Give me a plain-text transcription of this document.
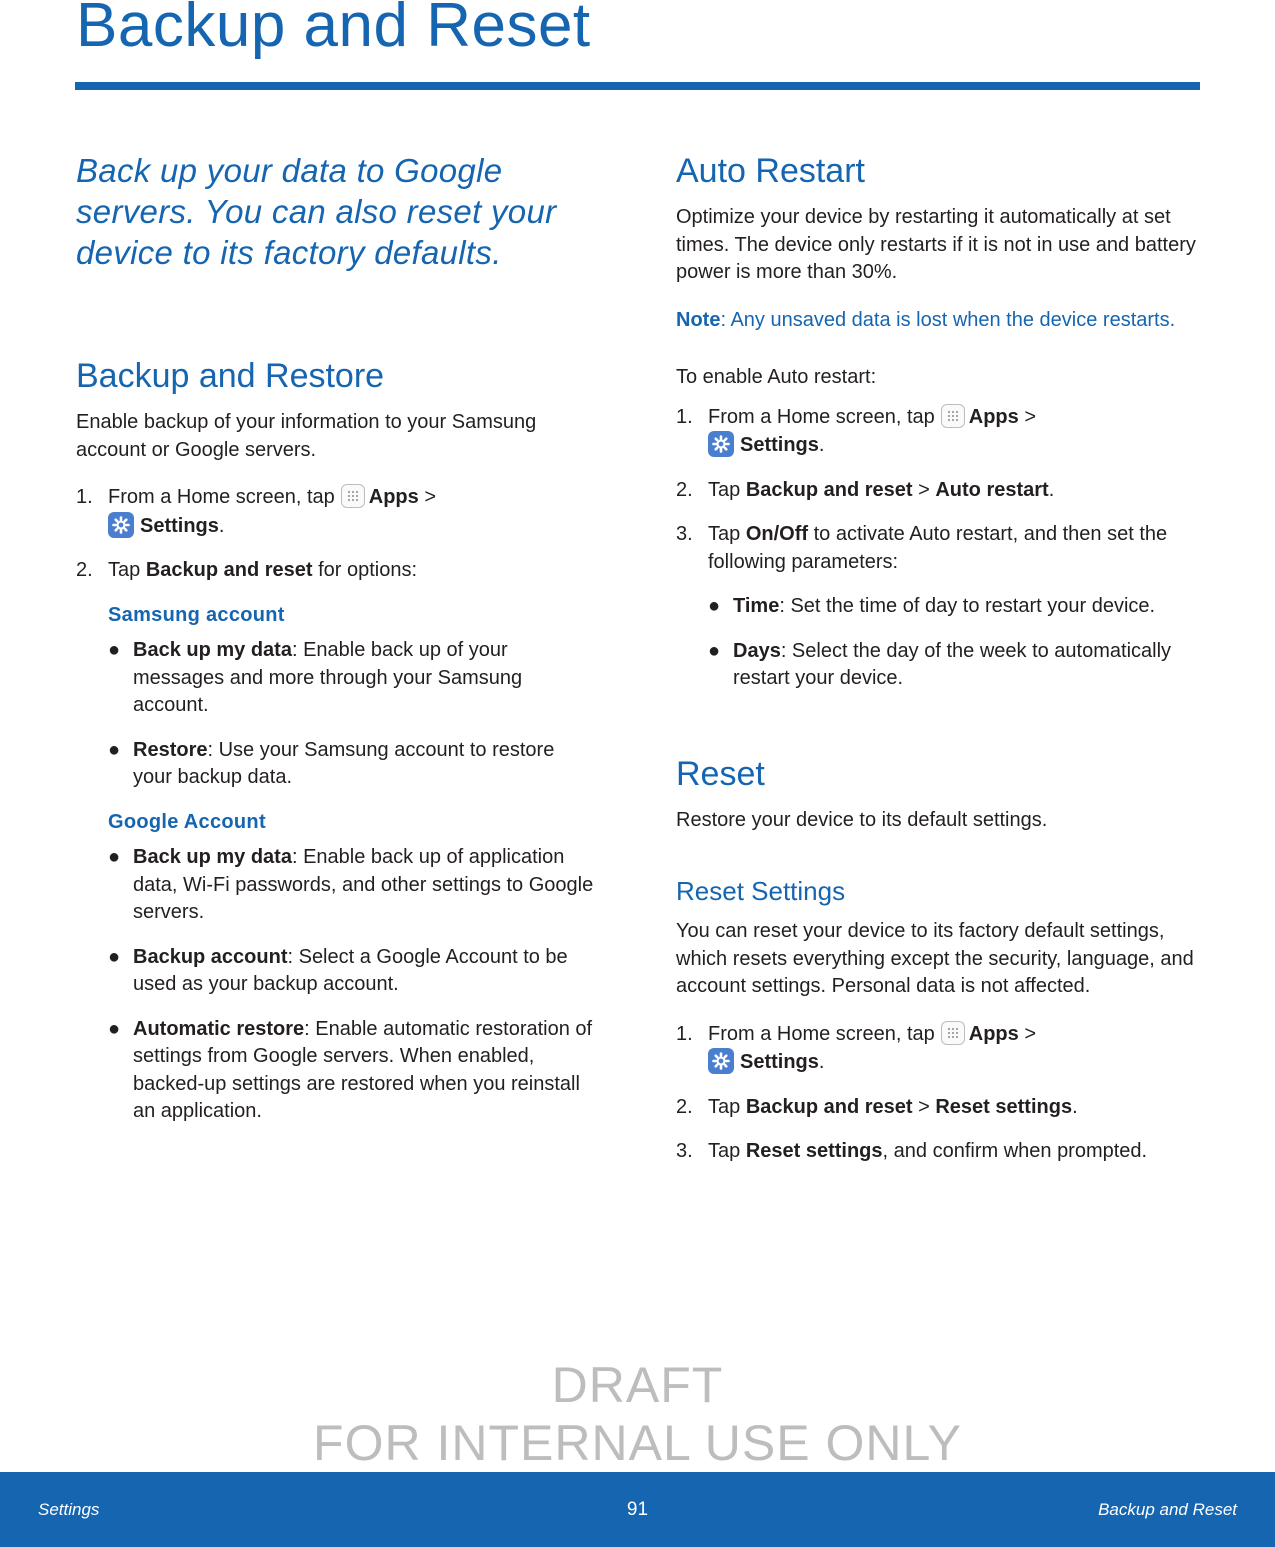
Backup and Reset

Back up your data to Google servers. You can also reset your device to its factory defaults.

Backup and Restore

Enable backup of your information to your Samsung account or Google servers.

1. From a Home screen, tap Apps >

Settings.
2. Tap Backup and reset for options:

Samsung account

● Back up my data: Enable back up of your messages and more through your Samsung account.
● Restore: Use your Samsung account to restore your backup data.

Google Account

● Back up my data: Enable back up of application data, Wi-Fi passwords, and other settings to Google servers.
● Backup account: Select a Google Account to be used as your backup account.
● Automatic restore: Enable automatic restoration of settings from Google servers. When enabled, backed-up settings are restored when you reinstall an application.
Auto Restart

Optimize your device by restarting it automatically at set times. The device only restarts if it is not in use and battery power is more than 30%.

Note: Any unsaved data is lost when the device restarts.

To enable Auto restart:

1. From a Home screen, tap Apps >

Settings.
2. Tap Backup and reset > Auto restart.
3. Tap On/Off to activate Auto restart, and then set the following parameters:
● Time: Set the time of day to restart your device.
● Days: Select the day of the week to automatically restart your device.
Reset

Restore your device to its default settings.

Reset Settings

You can reset your device to its factory default settings, which resets everything except the security, language, and account settings. Personal data is not affected.

1. From a Home screen, tap Apps >

Settings.
2. Tap Backup and reset > Reset settings.
3. Tap Reset settings, and confirm when prompted.
DRAFT
FOR INTERNAL USE ONLY
Settings	91	Backup and Reset
